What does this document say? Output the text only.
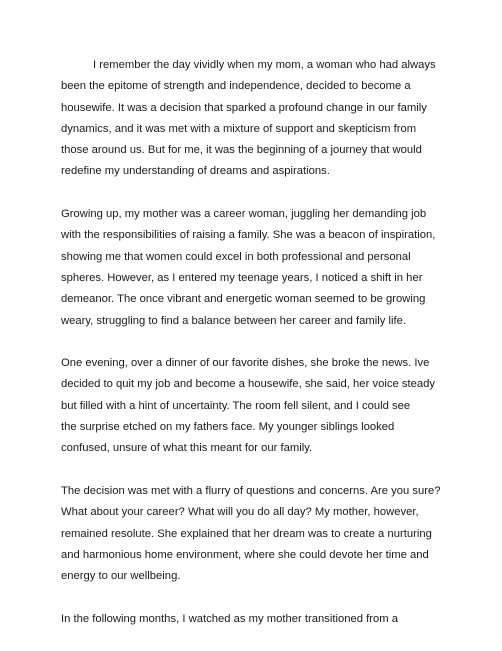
I remember the day vividly when my mom, a woman who had always
been the epitome of strength and independence, decided to become a
housewife. It was a decision that sparked a profound change in our family
dynamics, and it was met with a mixture of support and skepticism from
those around us. But for me, it was the beginning of a journey that would
redefine my understanding of dreams and aspirations.

Growing up, my mother was a career woman, juggling her demanding job
with the responsibilities of raising a family. She was a beacon of inspiration,
showing me that women could excel in both professional and personal
spheres. However, as I entered my teenage years, I noticed a shift in her
demeanor. The once vibrant and energetic woman seemed to be growing
weary, struggling to find a balance between her career and family life.

One evening, over a dinner of our favorite dishes, she broke the news. Ive
decided to quit my job and become a housewife, she said, her voice steady
but filled with a hint of uncertainty. The room fell silent, and I could see
the surprise etched on my fathers face. My younger siblings looked
confused, unsure of what this meant for our family.

The decision was met with a flurry of questions and concerns. Are you sure?
What about your career? What will you do all day? My mother, however,
remained resolute. She explained that her dream was to create a nurturing
and harmonious home environment, where she could devote her time and
energy to our wellbeing.

In the following months, I watched as my mother transitioned from a
